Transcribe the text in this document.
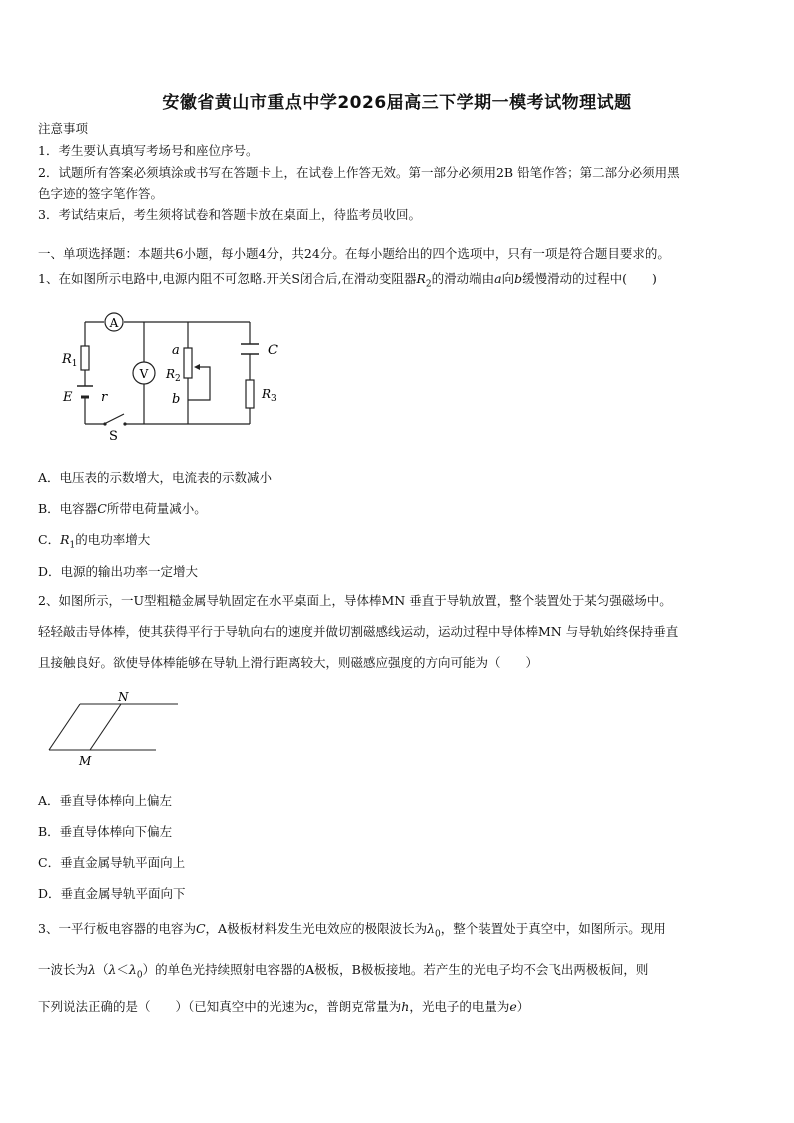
安徽省黄山市重点中学2026届高三下学期一模考试物理试题
注意事项
1．考生要认真填写考场号和座位序号。
2．试题所有答案必须填涂或书写在答题卡上，在试卷上作答无效。第一部分必须用2B 铅笔作答；第二部分必须用黑
色字迹的签字笔作答。
3．考试结束后，考生须将试卷和答题卡放在桌面上，待监考员收回。
一、单项选择题：本题共6小题，每小题4分，共24分。在每小题给出的四个选项中，只有一项是符合题目要求的。
1、在如图所示电路中,电源内阻不可忽略.开关S闭合后,在滑动变阻器$R_2$的滑动端由a向b缓慢滑动的过程中(　　)
A
V
$R_1$
E r
S
a
$R_2$
b
C
$R_3$
A．电压表的示数增大，电流表的示数减小
B．电容器C所带电荷量减小。
C．$R_1$的电功率增大
D．电源的输出功率一定增大
2、如图所示，一U型粗糙金属导轨固定在水平桌面上，导体棒MN 垂直于导轨放置，整个装置处于某匀强磁场中。
轻轻敲击导体棒，使其获得平行于导轨向右的速度并做切割磁感线运动，运动过程中导体棒MN 与导轨始终保持垂直
且接触良好。欲使导体棒能够在导轨上滑行距离较大，则磁感应强度的方向可能为（　　）
N
M
A．垂直导体棒向上偏左
B．垂直导体棒向下偏左
C．垂直金属导轨平面向上
D．垂直金属导轨平面向下
3、一平行板电容器的电容为C，A极板材料发生光电效应的极限波长为$\lambda_0$，整个装置处于真空中，如图所示。现用
一波长为$\lambda(\lambda<\lambda_0)$的单色光持续照射电容器的A极板，B极板接地。若产生的光电子均不会飞出两极板间，则
下列说法正确的是（　　）（已知真空中的光速为c，普朗克常量为h，光电子的电量为e）
